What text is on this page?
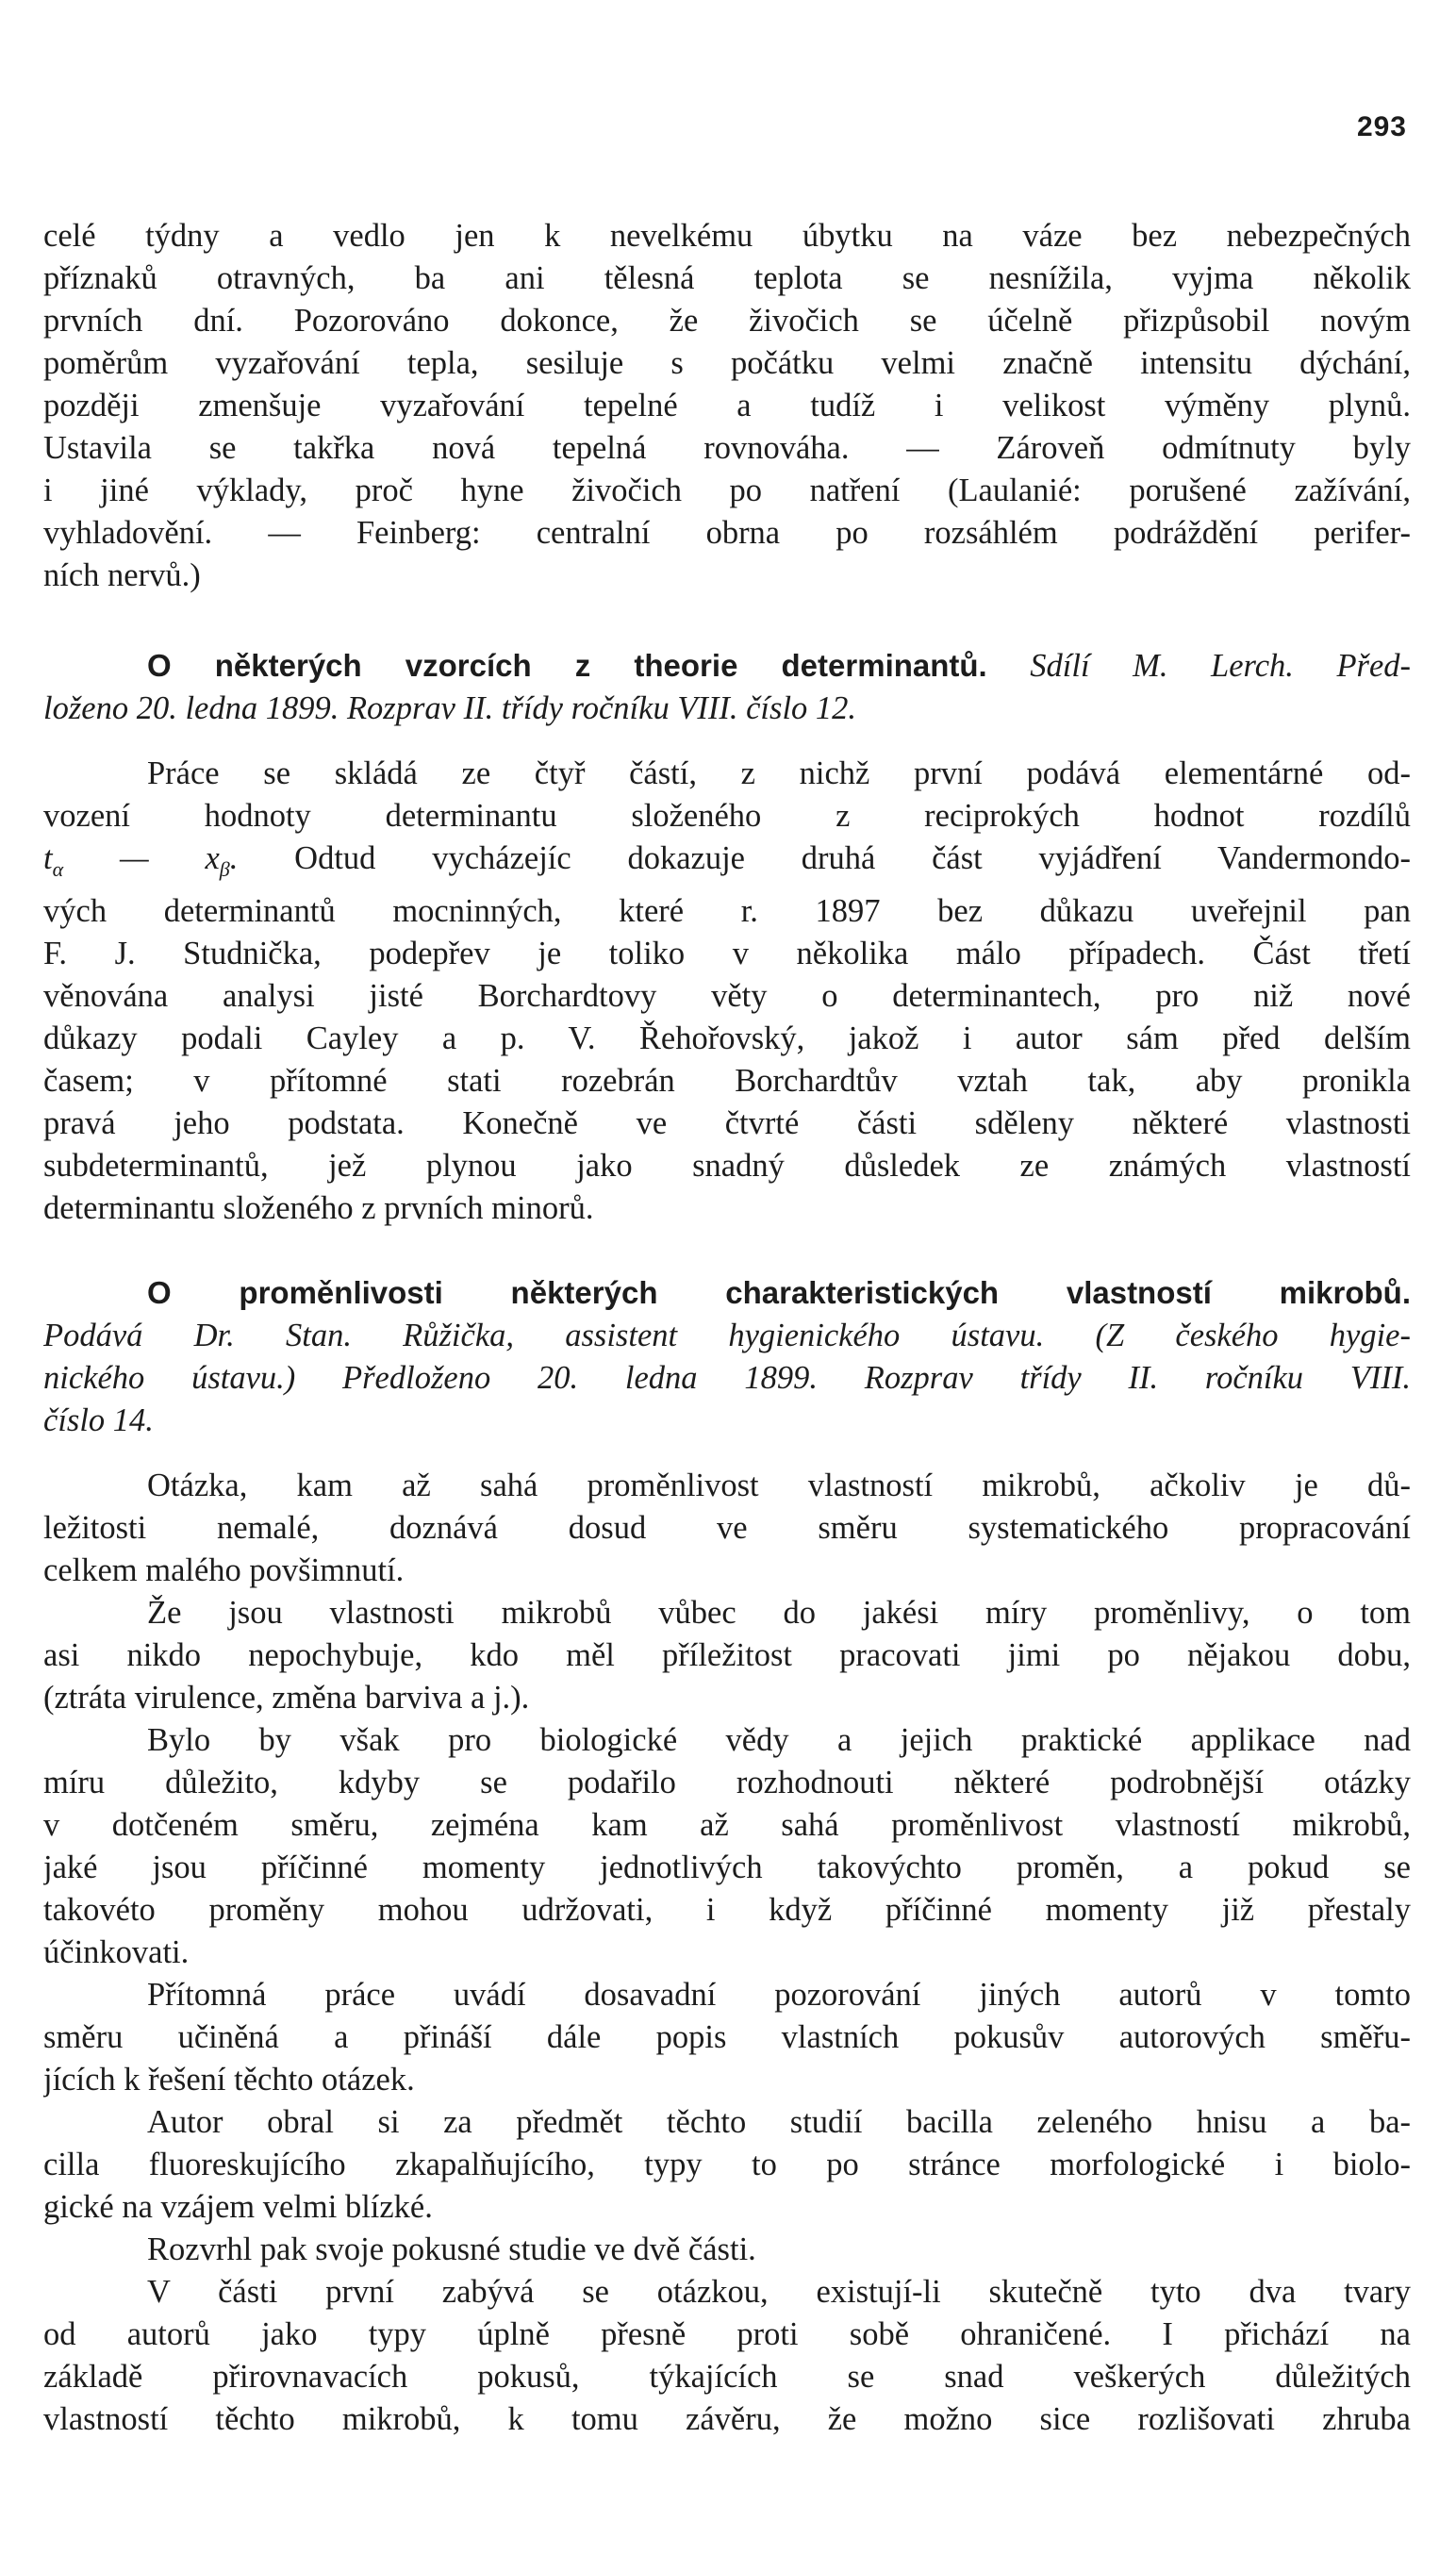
293
celé týdny a vedlo jen k nevelkému úbytku na váze bez nebezpečných
příznaků otravných, ba ani tělesná teplota se nesnížila, vyjma několik
prvních dní. Pozorováno dokonce, že živočich se účelně přizpůsobil novým
poměrům vyzařování tepla, sesiluje s počátku velmi značně intensitu dýchání,
později zmenšuje vyzařování tepelné a tudíž i velikost výměny plynů.
Ustavila se takřka nová tepelná rovnováha. — Zároveň odmítnuty byly
i jiné výklady, proč hyne živočich po natření (Laulanié: porušené zažívání,
vyhladovění. — Feinberg: centralní obrna po rozsáhlém podráždění perifer-
ních nervů.)
O některých vzorcích z theorie determinantů. Sdílí M. Lerch. Před-
loženo 20. ledna 1899. Rozprav II. třídy ročníku VIII. číslo 12.
Práce se skládá ze čtyř částí, z nichž první podává elementárné od-
vození hodnoty determinantu složeného z reciprokých hodnot rozdílů
$t_\alpha$ — $x_\beta$. Odtud vycházejíc dokazuje druhá část vyjádření Vandermondo-
vých determinantů mocninných, které r. 1897 bez důkazu uveřejnil pan
F. J. Studnička, podepřev je toliko v několika málo případech. Část třetí
věnována analysi jisté Borchardtovy věty o determinantech, pro niž nové
důkazy podali Cayley a p. V. Řehořovský, jakož i autor sám před delším
časem; v přítomné stati rozebrán Borchardtův vztah tak, aby pronikla
pravá jeho podstata. Konečně ve čtvrté části sděleny některé vlastnosti
subdeterminantů, jež plynou jako snadný důsledek ze známých vlastností
determinantu složeného z prvních minorů.
O proměnlivosti některých charakteristických vlastností mikrobů.
Podává Dr. Stan. Růžička, assistent hygienického ústavu. (Z českého hygie-
nického ústavu.) Předloženo 20. ledna 1899. Rozprav třídy II. ročníku VIII.
číslo 14.
Otázka, kam až sahá proměnlivost vlastností mikrobů, ačkoliv je dů-
ležitosti nemalé, doznává dosud ve směru systematického propracování
celkem malého povšimnutí.
Že jsou vlastnosti mikrobů vůbec do jakési míry proměnlivy, o tom
asi nikdo nepochybuje, kdo měl příležitost pracovati jimi po nějakou dobu,
(ztráta virulence, změna barviva a j.).
Bylo by však pro biologické vědy a jejich praktické applikace nad
míru důležito, kdyby se podařilo rozhodnouti některé podrobnější otázky
v dotčeném směru, zejména kam až sahá proměnlivost vlastností mikrobů,
jaké jsou příčinné momenty jednotlivých takovýchto proměn, a pokud se
takovéto proměny mohou udržovati, i když příčinné momenty již přestaly
účinkovati.
Přítomná práce uvádí dosavadní pozorování jiných autorů v tomto
směru učiněná a přináší dále popis vlastních pokusův autorových směřu-
jících k řešení těchto otázek.
Autor obral si za předmět těchto studií bacilla zeleného hnisu a ba-
cilla fluoreskujícího zkapalňujícího, typy to po stránce morfologické i biolo-
gické na vzájem velmi blízké.
Rozvrhl pak svoje pokusné studie ve dvě části.
V části první zabývá se otázkou, existují-li skutečně tyto dva tvary
od autorů jako typy úplně přesně proti sobě ohraničené. I přichází na
základě přirovnavacích pokusů, týkajících se snad veškerých důležitých
vlastností těchto mikrobů, k tomu závěru, že možno sice rozlišovati zhruba
